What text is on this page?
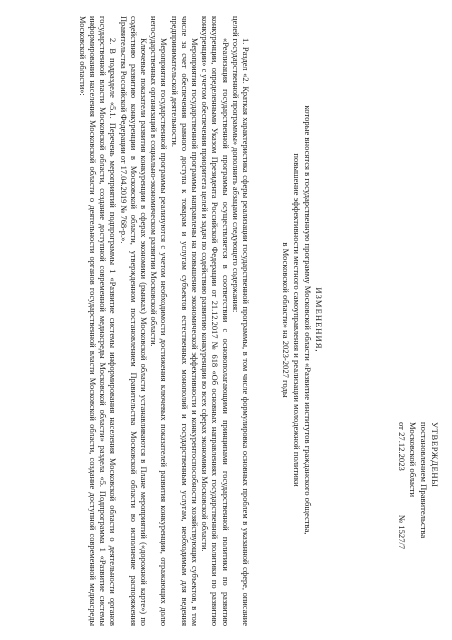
УТВЕРЖДЕНЫ
постановлением Правительства
Московской области
от 27.12.2023 № 1527/7
ИЗМЕНЕНИЯ,
которые вносятся в государственную программу Московской области «Развитие институтов гражданского общества,
повышение эффективности местного самоуправления и реализации молодежной политики
в Московской области» на 2023-2027 годы

1. Раздел «2. Краткая характеристика сферы реализации государственной программы, в том числе формулировка основных проблем в указанной сфере, описание целей государственной программы» дополнить абзацами следующего содержания:

«Реализация государственной программы осуществляется в соответствии с основополагающими принципами государственной политики по развитию конкуренции, определенными Указом Президента Российской Федерации от 21.12.2017 № 618 «Об основных направлениях государственной политики по развитию конкуренции» с учетом обеспечения приоритета целей и задач по содействию развитию конкуренции во всех сферах экономики Московской области.

Мероприятия государственной программы направлены на повышение экономической эффективности и конкурентоспособности хозяйствующих субъектов, в том числе за счет обеспечения равного доступа к товарам и услугам субъектов естественных монополий и государственным услугам, необходимым для ведения предпринимательской деятельности.

Мероприятия государственной программы реализуются с учетом необходимости достижения ключевых показателей развития конкуренции, отражающих долю негосударственных организаций в социально-экономическом развитии Московской области.

Ключевые показатели развития конкуренции в сферах экономики (рынках) Московской области устанавливаются в Плане мероприятий («дорожной карте») по содействию развитию конкуренции в Московской области, утвержденном постановлением Правительства Московской области во исполнение распоряжения Правительства Российской Федерации от 17.04.2019 № 768-р.».

2. В подразделе «5.1. Перечень мероприятий подпрограммы 1 «Развитие системы информирования населения Московской области о деятельности органов государственной власти Московской области, создание доступной современной медиасреды Московской области» раздела «5. Подпрограмма 1 «Развитие системы информирования населения Московской области о деятельности органов государственной власти Московской области, создание доступной современной медиасреды Московской области»:
